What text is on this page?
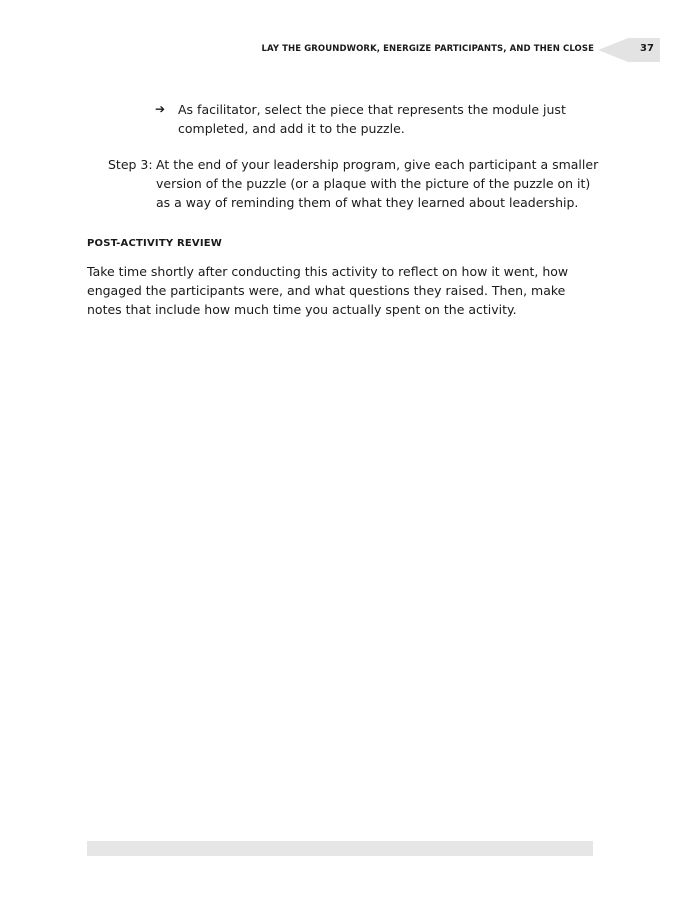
LAY THE GROUNDWORK, ENERGIZE PARTICIPANTS, AND THEN CLOSE	37
➔ As facilitator, select the piece that represents the module just completed, and add it to the puzzle.
Step 3: At the end of your leadership program, give each participant a smaller version of the puzzle (or a plaque with the picture of the puzzle on it) as a way of reminding them of what they learned about leadership.
POST-ACTIVITY REVIEW
Take time shortly after conducting this activity to reflect on how it went, how engaged the participants were, and what questions they raised. Then, make notes that include how much time you actually spent on the activity.
